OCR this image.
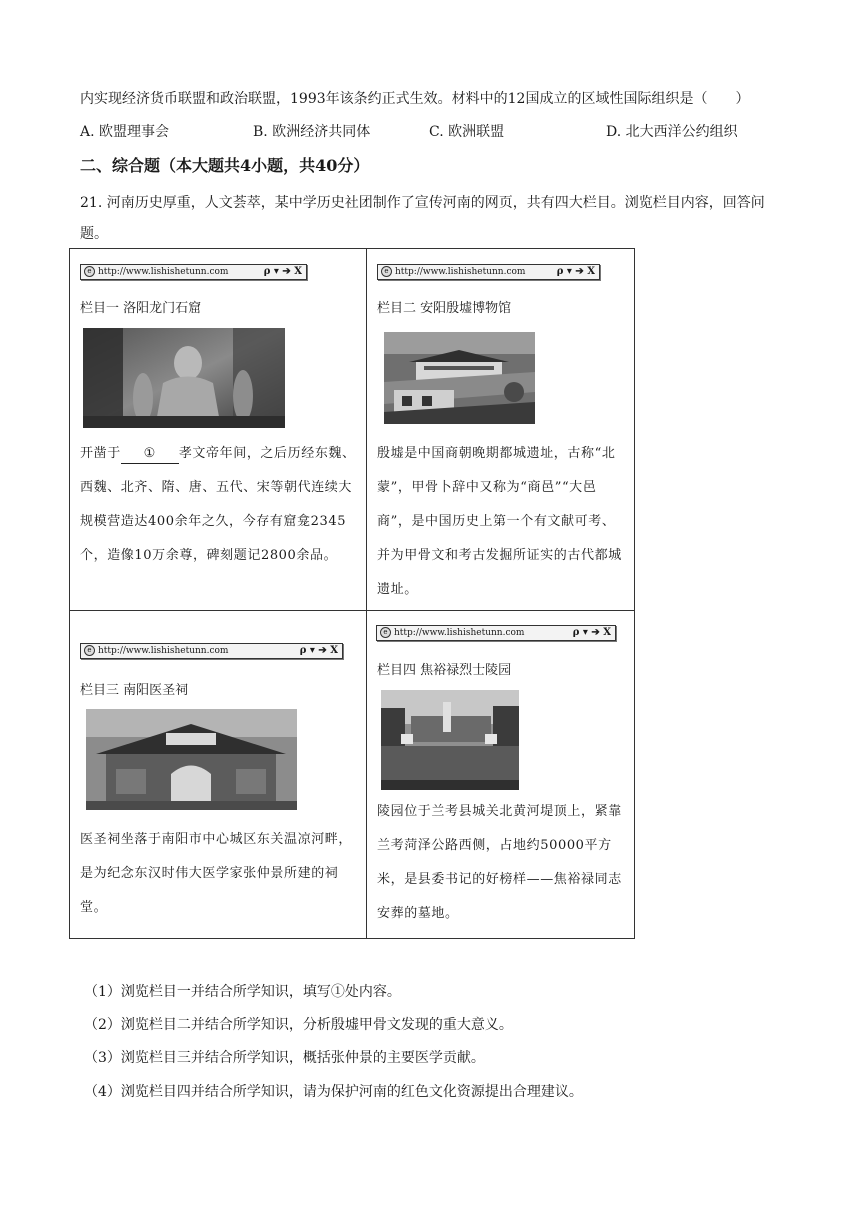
内实现经济货币联盟和政治联盟，1993年该条约正式生效。材料中的12国成立的区域性国际组织是（　　）
A. 欧盟理事会	B. 欧洲经济共同体	C. 欧洲联盟	D. 北大西洋公约组织
二、综合题（本大题共4小题，共40分）
21. 河南历史厚重，人文荟萃，某中学历史社团制作了宣传河南的网页，共有四大栏目。浏览栏目内容，回答问题。
e http://www.lishishetunn.com	ρ ▾ ➔ X
栏目一 洛阳龙门石窟
开凿于 ① 孝文帝年间，之后历经东魏、西魏、北齐、隋、唐、五代、宋等朝代连续大规模营造达400余年之久，今存有窟龛2345个，造像10万余尊，碑刻题记2800余品。
e http://www.lishishetunn.com	ρ ▾ ➔ X
栏目二 安阳殷墟博物馆
殷墟是中国商朝晚期都城遗址，古称“北蒙”，甲骨卜辞中又称为“商邑”“大邑商”，是中国历史上第一个有文献可考、并为甲骨文和考古发掘所证实的古代都城遗址。
e http://www.lishishetunn.com	ρ ▾ ➔ X
栏目三 南阳医圣祠
医圣祠坐落于南阳市中心城区东关温凉河畔，是为纪念东汉时伟大医学家张仲景所建的祠堂。
e http://www.lishishetunn.com	ρ ▾ ➔ X
栏目四 焦裕禄烈士陵园
陵园位于兰考县城关北黄河堤顶上，紧靠兰考菏泽公路西侧，占地约50000平方米，是县委书记的好榜样——焦裕禄同志安葬的墓地。
（1）浏览栏目一并结合所学知识，填写①处内容。
（2）浏览栏目二并结合所学知识，分析殷墟甲骨文发现的重大意义。
（3）浏览栏目三并结合所学知识，概括张仲景的主要医学贡献。
（4）浏览栏目四并结合所学知识，请为保护河南的红色文化资源提出合理建议。
